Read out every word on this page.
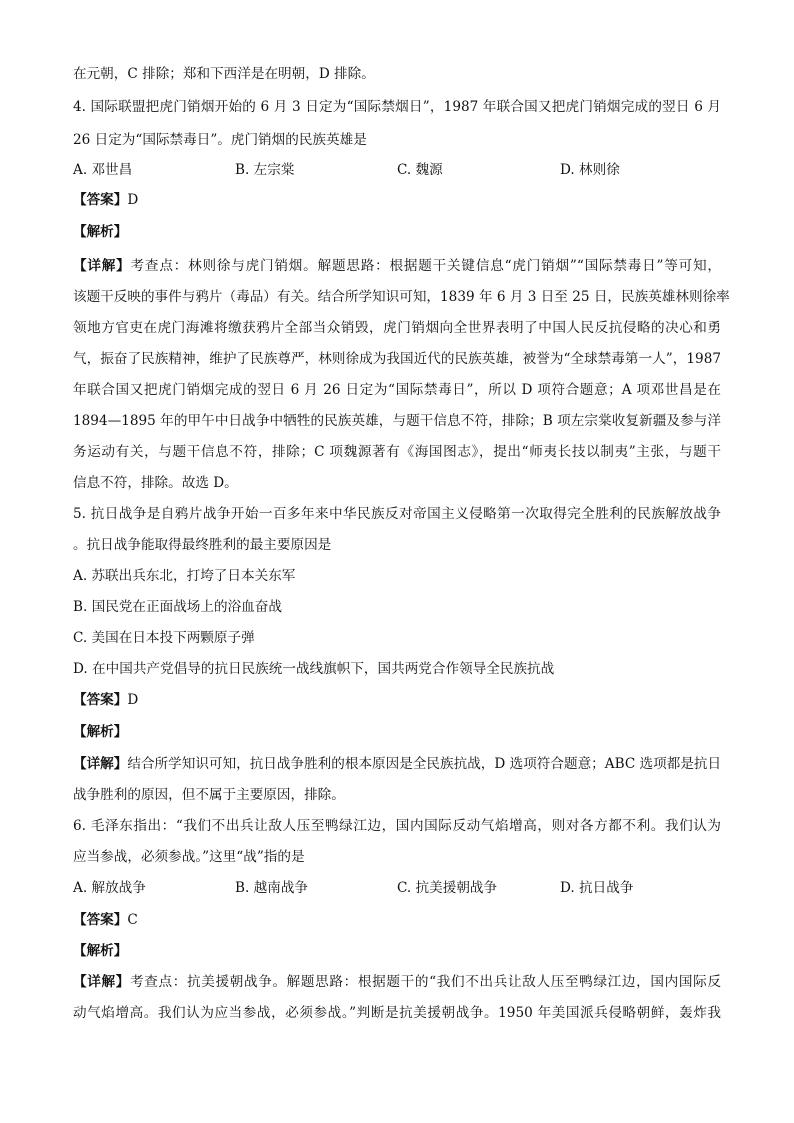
在元朝，C 排除；郑和下西洋是在明朝，D 排除。
4. 国际联盟把虎门销烟开始的 6 月 3 日定为“国际禁烟日”，1987 年联合国又把虎门销烟完成的翌日 6 月
26 日定为“国际禁毒日”。虎门销烟的民族英雄是
A. 邓世昌	B. 左宗棠	C. 魏源	D. 林则徐
【答案】D
【解析】
【详解】考查点：林则徐与虎门销烟。解题思路：根据题干关键信息“虎门销烟”“国际禁毒日”等可知，
该题干反映的事件与鸦片（毒品）有关。结合所学知识可知，1839 年 6 月 3 日至 25 日，民族英雄林则徐率
领地方官吏在虎门海滩将缴获鸦片全部当众销毁，虎门销烟向全世界表明了中国人民反抗侵略的决心和勇
气，振奋了民族精神，维护了民族尊严，林则徐成为我国近代的民族英雄，被誉为“全球禁毒第一人”，1987
年联合国又把虎门销烟完成的翌日 6 月 26 日定为“国际禁毒日”，所以 D 项符合题意；A 项邓世昌是在
1894—1895 年的甲午中日战争中牺牲的民族英雄，与题干信息不符，排除；B 项左宗棠收复新疆及参与洋
务运动有关，与题干信息不符，排除；C 项魏源著有《海国图志》，提出“师夷长技以制夷”主张，与题干
信息不符，排除。故选 D。
5. 抗日战争是自鸦片战争开始一百多年来中华民族反对帝国主义侵略第一次取得完全胜利的民族解放战争
。抗日战争能取得最终胜利的最主要原因是
A. 苏联出兵东北，打垮了日本关东军
B. 国民党在正面战场上的浴血奋战
C. 美国在日本投下两颗原子弹
D. 在中国共产党倡导的抗日民族统一战线旗帜下，国共两党合作领导全民族抗战
【答案】D
【解析】
【详解】结合所学知识可知，抗日战争胜利的根本原因是全民族抗战，D 选项符合题意；ABC 选项都是抗日
战争胜利的原因，但不属于主要原因，排除。
6. 毛泽东指出：“我们不出兵让敌人压至鸭绿江边，国内国际反动气焰增高，则对各方都不利。我们认为
应当参战，必须参战。”这里“战”指的是
A. 解放战争	B. 越南战争	C. 抗美援朝战争	D. 抗日战争
【答案】C
【解析】
【详解】考查点：抗美援朝战争。解题思路：根据题干的“我们不出兵让敌人压至鸭绿江边，国内国际反
动气焰增高。我们认为应当参战，必须参战。”判断是抗美援朝战争。1950 年美国派兵侵略朝鲜，轰炸我
